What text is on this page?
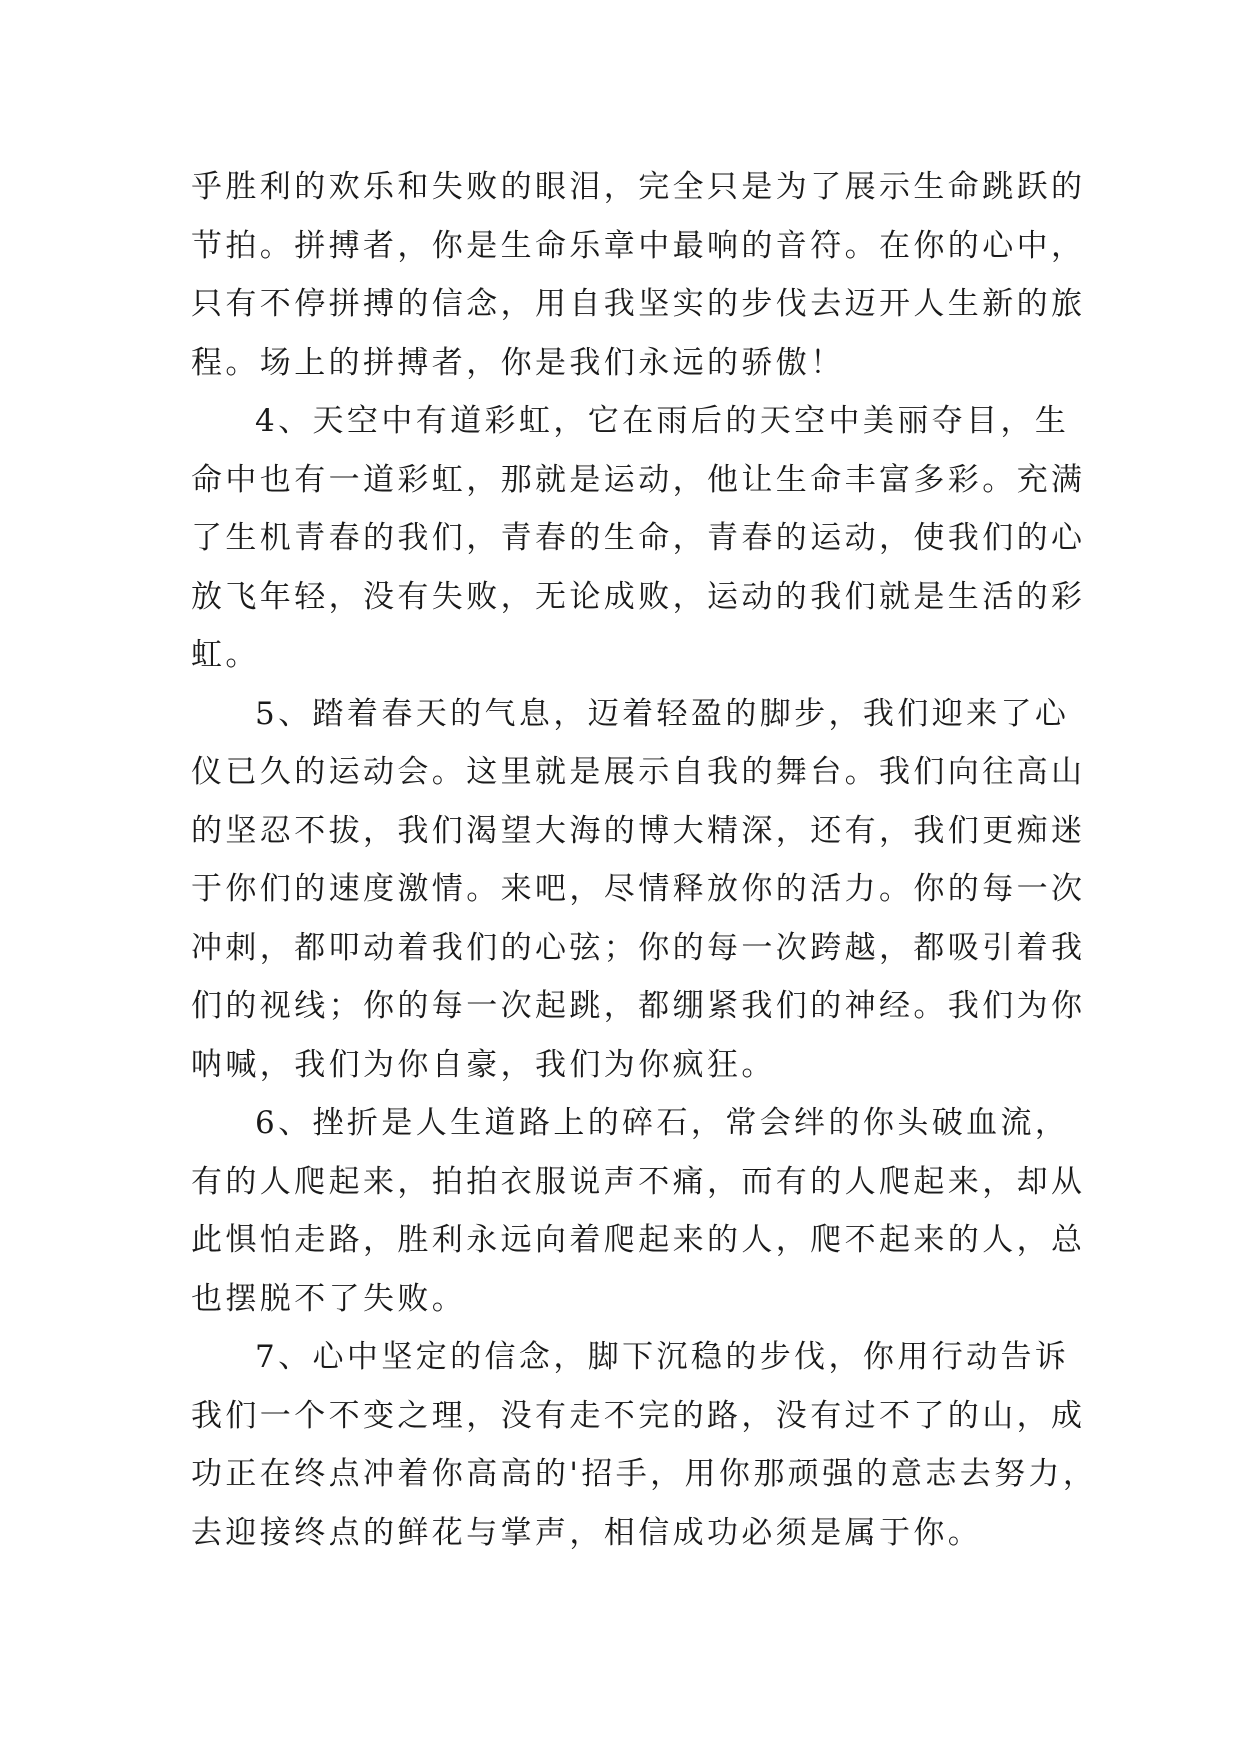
乎胜利的欢乐和失败的眼泪，完全只是为了展示生命跳跃的
节拍。拼搏者，你是生命乐章中最响的音符。在你的心中，
只有不停拼搏的信念，用自我坚实的步伐去迈开人生新的旅
程。场上的拼搏者，你是我们永远的骄傲！
4、天空中有道彩虹，它在雨后的天空中美丽夺目，生
命中也有一道彩虹，那就是运动，他让生命丰富多彩。充满
了生机青春的我们，青春的生命，青春的运动，使我们的心
放飞年轻，没有失败，无论成败，运动的我们就是生活的彩
虹。
5、踏着春天的气息，迈着轻盈的脚步，我们迎来了心
仪已久的运动会。这里就是展示自我的舞台。我们向往高山
的坚忍不拔，我们渴望大海的博大精深，还有，我们更痴迷
于你们的速度激情。来吧，尽情释放你的活力。你的每一次
冲刺，都叩动着我们的心弦；你的每一次跨越，都吸引着我
们的视线；你的每一次起跳，都绷紧我们的神经。我们为你
呐喊，我们为你自豪，我们为你疯狂。
6、挫折是人生道路上的碎石，常会绊的你头破血流，
有的人爬起来，拍拍衣服说声不痛，而有的人爬起来，却从
此惧怕走路，胜利永远向着爬起来的人，爬不起来的人，总
也摆脱不了失败。
7、心中坚定的信念，脚下沉稳的步伐，你用行动告诉
我们一个不变之理，没有走不完的路，没有过不了的山，成
功正在终点冲着你高高的'招手，用你那顽强的意志去努力，
去迎接终点的鲜花与掌声，相信成功必须是属于你。
